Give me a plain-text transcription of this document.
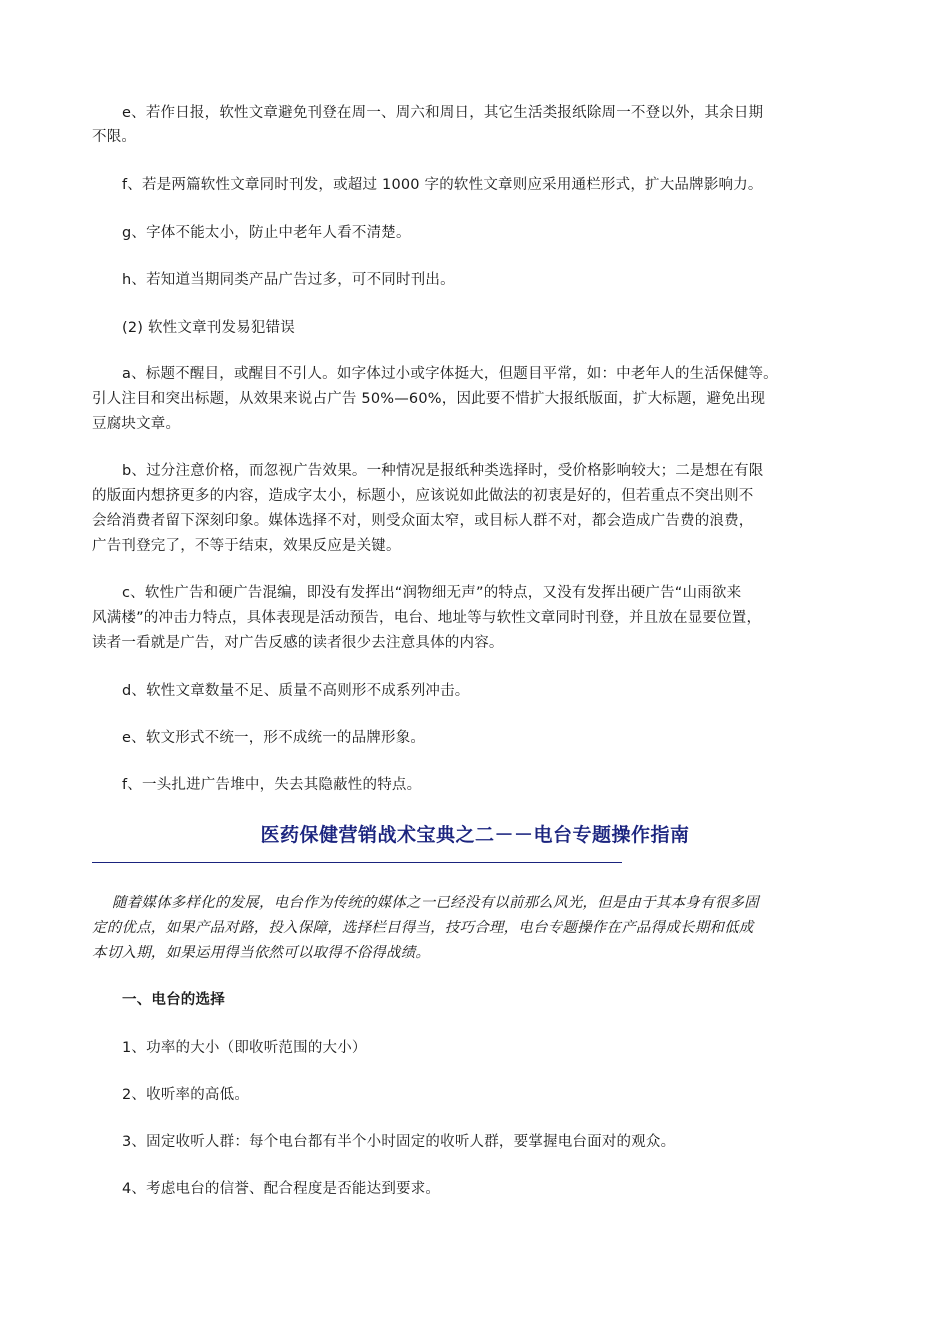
e、若作日报，软性文章避免刊登在周一、周六和周日，其它生活类报纸除周一不登以外，其余日期
不限。
f、若是两篇软性文章同时刊发，或超过 1000 字的软性文章则应采用通栏形式，扩大品牌影响力。
g、字体不能太小，防止中老年人看不清楚。
h、若知道当期同类产品广告过多，可不同时刊出。
(2) 软性文章刊发易犯错误
a、标题不醒目，或醒目不引人。如字体过小或字体挺大，但题目平常，如：中老年人的生活保健等。
引人注目和突出标题，从效果来说占广告 50%—60%，因此要不惜扩大报纸版面，扩大标题，避免出现
豆腐块文章。
b、过分注意价格，而忽视广告效果。一种情况是报纸种类选择时，受价格影响较大；二是想在有限
的版面内想挤更多的内容，造成字太小，标题小，应该说如此做法的初衷是好的，但若重点不突出则不
会给消费者留下深刻印象。媒体选择不对，则受众面太窄，或目标人群不对，都会造成广告费的浪费，
广告刊登完了，不等于结束，效果反应是关键。
c、软性广告和硬广告混编，即没有发挥出“润物细无声”的特点，又没有发挥出硬广告“山雨欲来
风满楼”的冲击力特点，具体表现是活动预告，电台、地址等与软性文章同时刊登，并且放在显要位置，
读者一看就是广告，对广告反感的读者很少去注意具体的内容。
d、软性文章数量不足、质量不高则形不成系列冲击。
e、软文形式不统一，形不成统一的品牌形象。
f、一头扎进广告堆中，失去其隐蔽性的特点。
医药保健营销战术宝典之二－－电台专题操作指南
随着媒体多样化的发展，电台作为传统的媒体之一已经没有以前那么风光，但是由于其本身有很多固
定的优点，如果产品对路，投入保障，选择栏目得当，技巧合理，电台专题操作在产品得成长期和低成
本切入期，如果运用得当依然可以取得不俗得战绩。
一、电台的选择
1、功率的大小（即收听范围的大小）
2、收听率的高低。
3、固定收听人群：每个电台都有半个小时固定的收听人群，要掌握电台面对的观众。
4、考虑电台的信誉、配合程度是否能达到要求。
